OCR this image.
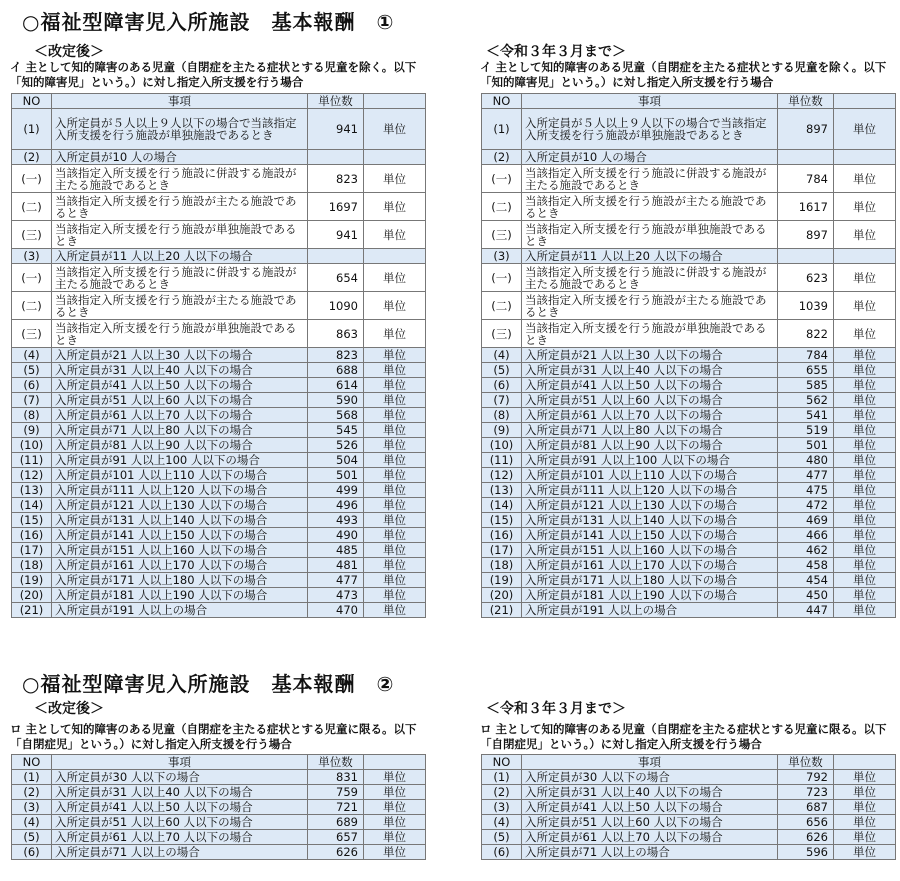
○福祉型障害児入所施設　基本報酬　①
＜改定後＞	＜令和３年３月まで＞
イ 主として知的障害のある児童（自閉症を主たる症状とする児童を除く。以下「知的障害児」という。）に対し指定入所支援を行う場合
イ 主として知的障害のある児童（自閉症を主たる症状とする児童を除く。以下「知的障害児」という。）に対し指定入所支援を行う場合
NO	事項	単位数	
(1)	入所定員が５人以上９人以下の場合で当該指定入所支援を行う施設が単独施設であるとき	941	単位
(2)	入所定員が10 人の場合		
(一)	当該指定入所支援を行う施設に併設する施設が主たる施設であるとき	823	単位
(二)	当該指定入所支援を行う施設が主たる施設であるとき	1697	単位
(三)	当該指定入所支援を行う施設が単独施設であるとき	941	単位
(3)	入所定員が11 人以上20 人以下の場合		
(一)	当該指定入所支援を行う施設に併設する施設が主たる施設であるとき	654	単位
(二)	当該指定入所支援を行う施設が主たる施設であるとき	1090	単位
(三)	当該指定入所支援を行う施設が単独施設であるとき	863	単位
(4)	入所定員が21 人以上30 人以下の場合	823	単位
(5)	入所定員が31 人以上40 人以下の場合	688	単位
(6)	入所定員が41 人以上50 人以下の場合	614	単位
(7)	入所定員が51 人以上60 人以下の場合	590	単位
(8)	入所定員が61 人以上70 人以下の場合	568	単位
(9)	入所定員が71 人以上80 人以下の場合	545	単位
(10)	入所定員が81 人以上90 人以下の場合	526	単位
(11)	入所定員が91 人以上100 人以下の場合	504	単位
(12)	入所定員が101 人以上110 人以下の場合	501	単位
(13)	入所定員が111 人以上120 人以下の場合	499	単位
(14)	入所定員が121 人以上130 人以下の場合	496	単位
(15)	入所定員が131 人以上140 人以下の場合	493	単位
(16)	入所定員が141 人以上150 人以下の場合	490	単位
(17)	入所定員が151 人以上160 人以下の場合	485	単位
(18)	入所定員が161 人以上170 人以下の場合	481	単位
(19)	入所定員が171 人以上180 人以下の場合	477	単位
(20)	入所定員が181 人以上190 人以下の場合	473	単位
(21)	入所定員が191 人以上の場合	470	単位
NO	事項	単位数	
(1)	入所定員が５人以上９人以下の場合で当該指定入所支援を行う施設が単独施設であるとき	897	単位
(2)	入所定員が10 人の場合		
(一)	当該指定入所支援を行う施設に併設する施設が主たる施設であるとき	784	単位
(二)	当該指定入所支援を行う施設が主たる施設であるとき	1617	単位
(三)	当該指定入所支援を行う施設が単独施設であるとき	897	単位
(3)	入所定員が11 人以上20 人以下の場合		
(一)	当該指定入所支援を行う施設に併設する施設が主たる施設であるとき	623	単位
(二)	当該指定入所支援を行う施設が主たる施設であるとき	1039	単位
(三)	当該指定入所支援を行う施設が単独施設であるとき	822	単位
(4)	入所定員が21 人以上30 人以下の場合	784	単位
(5)	入所定員が31 人以上40 人以下の場合	655	単位
(6)	入所定員が41 人以上50 人以下の場合	585	単位
(7)	入所定員が51 人以上60 人以下の場合	562	単位
(8)	入所定員が61 人以上70 人以下の場合	541	単位
(9)	入所定員が71 人以上80 人以下の場合	519	単位
(10)	入所定員が81 人以上90 人以下の場合	501	単位
(11)	入所定員が91 人以上100 人以下の場合	480	単位
(12)	入所定員が101 人以上110 人以下の場合	477	単位
(13)	入所定員が111 人以上120 人以下の場合	475	単位
(14)	入所定員が121 人以上130 人以下の場合	472	単位
(15)	入所定員が131 人以上140 人以下の場合	469	単位
(16)	入所定員が141 人以上150 人以下の場合	466	単位
(17)	入所定員が151 人以上160 人以下の場合	462	単位
(18)	入所定員が161 人以上170 人以下の場合	458	単位
(19)	入所定員が171 人以上180 人以下の場合	454	単位
(20)	入所定員が181 人以上190 人以下の場合	450	単位
(21)	入所定員が191 人以上の場合	447	単位
○福祉型障害児入所施設　基本報酬　②
＜改定後＞	＜令和３年３月まで＞
ロ 主として知的障害のある児童（自閉症を主たる症状とする児童に限る。以下「自閉症児」という。）に対し指定入所支援を行う場合
ロ 主として知的障害のある児童（自閉症を主たる症状とする児童に限る。以下「自閉症児」という。）に対し指定入所支援を行う場合
NO	事項	単位数	
(1)	入所定員が30 人以下の場合	831	単位
(2)	入所定員が31 人以上40 人以下の場合	759	単位
(3)	入所定員が41 人以上50 人以下の場合	721	単位
(4)	入所定員が51 人以上60 人以下の場合	689	単位
(5)	入所定員が61 人以上70 人以下の場合	657	単位
(6)	入所定員が71 人以上の場合	626	単位
NO	事項	単位数	
(1)	入所定員が30 人以下の場合	792	単位
(2)	入所定員が31 人以上40 人以下の場合	723	単位
(3)	入所定員が41 人以上50 人以下の場合	687	単位
(4)	入所定員が51 人以上60 人以下の場合	656	単位
(5)	入所定員が61 人以上70 人以下の場合	626	単位
(6)	入所定員が71 人以上の場合	596	単位
